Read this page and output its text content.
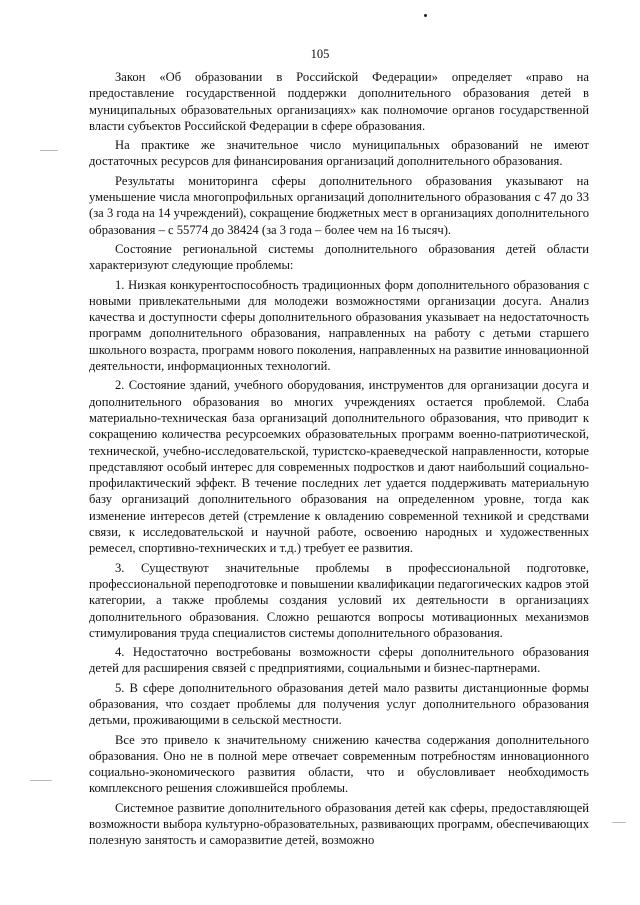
105

Закон «Об образовании в Российской Федерации» определяет «право на предоставление государственной поддержки дополнительного образования детей в муниципальных образовательных организациях» как полномочие органов государственной власти субъектов Российской Федерации в сфере образования.

На практике же значительное число муниципальных образований не имеют достаточных ресурсов для финансирования организаций дополнительного образования.

Результаты мониторинга сферы дополнительного образования указывают на уменьшение числа многопрофильных организаций дополнительного образования с 47 до 33 (за 3 года на 14 учреждений), сокращение бюджетных мест в организациях дополнительного образования – с 55774 до 38424 (за 3 года – более чем на 16 тысяч).

Состояние региональной системы дополнительного образования детей области характеризуют следующие проблемы:

1. Низкая конкурентоспособность традиционных форм дополнительного образования с новыми привлекательными для молодежи возможностями организации досуга. Анализ качества и доступности сферы дополнительного образования указывает на недостаточность программ дополнительного образования, направленных на работу с детьми старшего школьного возраста, программ нового поколения, направленных на развитие инновационной деятельности, информационных технологий.

2. Состояние зданий, учебного оборудования, инструментов для организации досуга и дополнительного образования во многих учреждениях остается проблемой. Слаба материально-техническая база организаций дополнительного образования, что приводит к сокращению количества ресурсоемких образовательных программ военно-патриотической, технической, учебно-исследовательской, туристско-краеведческой направленности, которые представляют особый интерес для современных подростков и дают наибольший социально-профилактический эффект. В течение последних лет удается поддерживать материальную базу организаций дополнительного образования на определенном уровне, тогда как изменение интересов детей (стремление к овладению современной техникой и средствами связи, к исследовательской и научной работе, освоению народных и художественных ремесел, спортивно-технических и т.д.) требует ее развития.

3. Существуют значительные проблемы в профессиональной подготовке, профессиональной переподготовке и повышении квалификации педагогических кадров этой категории, а также проблемы создания условий их деятельности в организациях дополнительного образования. Сложно решаются вопросы мотивационных механизмов стимулирования труда специалистов системы дополнительного образования.

4. Недостаточно востребованы возможности сферы дополнительного образования детей для расширения связей с предприятиями, социальными и бизнес-партнерами.

5. В сфере дополнительного образования детей мало развиты дистанционные формы образования, что создает проблемы для получения услуг дополнительного образования детьми, проживающими в сельской местности.

Все это привело к значительному снижению качества содержания дополнительного образования. Оно не в полной мере отвечает современным потребностям инновационного социально-экономического развития области, что и обусловливает необходимость комплексного решения сложившейся проблемы.

Системное развитие дополнительного образования детей как сферы, предоставляющей возможности выбора культурно-образовательных, развивающих программ, обеспечивающих полезную занятость и саморазвитие детей, возможно
